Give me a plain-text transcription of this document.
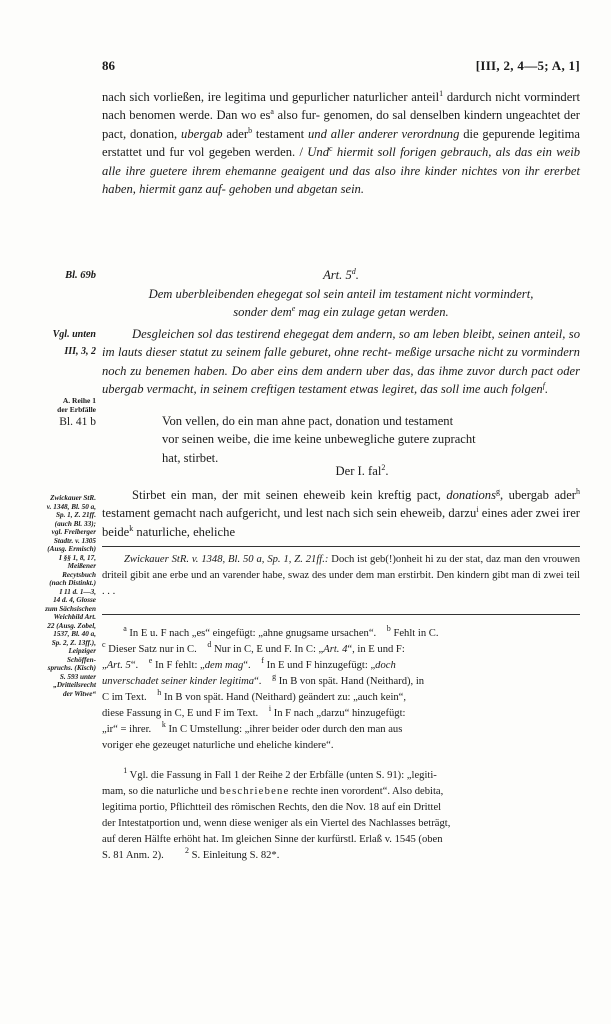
86	[III, 2, 4—5; A, 1]

nach sich vorließen, ire legitima und gepurlicher naturlicher anteil$^1$ dardurch nicht vormindert nach benomen werde. Dan wo $es^a$ also fur- genomen, do sal denselben kindern ungeachtet der pact, donation, ubergab ader$^b$ testament und aller anderer verordnung die gepurende legitima erstattet und fur vol gegeben werden. / Und$^c$ hiermit soll forigen gebrauch, als das ein weib alle ihre guetere ihrem ehemanne geaigent und das also ihre kinder nichtes von ihr ererbet haben, hiermit ganz auf- gehoben und abgetan sein.

Bl. 69b	Art. 5$^d$.
Dem uberbleibenden ehegegat sol sein anteil im testament nicht vormindert,
sonder dem$^e$ mag ein zulage getan werden.
Vgl. unten
III, 3, 2

Desgleichen sol das testirend ehegegat dem andern, so am leben bleibt, seinen anteil, so im lauts dieser statut zu seinem falle geburet, ohne recht- meßige ursache nicht zu vormindern noch zu benemen haben. Do aber eins dem andern uber das, das ihme zuvor durch pact oder ubergab vermacht, in seinem creftigen testament etwas legiret, das soll ime auch folgen$^f$.

A. Reihe 1
der Erbfälle
Bl. 41 b	Von vellen, do ein man ahne pact, donation und testament
vor seinen weibe, die ime keine unbewegliche gutere zupracht
hat, stirbet.

Der I. fal$^2$.
Zwickauer StR.
v. 1348, Bl. 50 a,
Sp. 1, Z. 21ff.
(auch Bl. 33);
vgl. Freiberger
Stadtr. v. 1305
(Ausg. Ermisch)
I §§ 1, 8, 17,
Meißener
Recytsbuch
(nach Distinkt.)
I 11 d. 1—3,
14 d. 4, Glosse
zum Sächsischen
Weichbild Art.
22 (Ausg. Zobel,
1537, Bl. 40 a,
Sp. 2, Z. 13ff.),
Leipziger
Schöffen-
spruchs. (Kisch)
S. 593 unter
„Dritteilsrecht
der Witwe“

Stirbet ein man, der mit seinen eheweib kein kreftig pact, donations$^g$, ubergab ader$^h$ testament gemacht nach aufgericht, und lest nach sich sein eheweib, darzu$^i$ eines ader zwei irer beide$^k$ naturliche, eheliche

Zwickauer StR. v. 1348, Bl. 50 a, Sp. 1, Z. 21ff.: Doch ist geb(!)onheit hi zu der stat, daz man den vrouwen driteil gibit ane erbe und an varender habe, swaz des under dem man erstirbit. Den kindern gibt man di zwei teil . . .

  $^a$ In E u. F nach „es“ eingefügt: „ahne gnugsame ursachen“.  $^b$ Fehlt in C.
$^c$ Dieser Satz nur in C.  $^d$ Nur in C, E und F. In C: „Art. 4“, in E und F:
„Art. 5“.  $^e$ In F fehlt: „dem mag“.  $^f$ In E und F hinzugefügt: „doch
unverschadet seiner kinder legitima“.  $^g$ In B von spät. Hand (Neithard), in
C im Text.  $^h$ In B von spät. Hand (Neithard) geändert zu: „auch kein“,
diese Fassung in C, E und F im Text.  $^i$ In F nach „darzu“ hinzugefügt:
„ir“ = ihrer.  $^k$ In C Umstellung: „ihrer beider oder durch den man aus
voriger ehe gezeuget naturliche und eheliche kindere“.

  $^1$ Vgl. die Fassung in Fall 1 der Reihe 2 der Erbfälle (unten S. 91): „legiti-
mam, so die naturliche und beschriebene rechte inen vorordent“. Also debita,
legitima portio, Pflichtteil des römischen Rechts, den die Nov. 18 auf ein Drittel
der Intestatportion und, wenn diese weniger als ein Viertel des Nachlasses beträgt,
auf deren Hälfte erhöht hat. Im gleichen Sinne der kurfürstl. Erlaß v. 1545 (oben
S. 81 Anm. 2).  	$^2$ S. Einleitung S. 82*.
